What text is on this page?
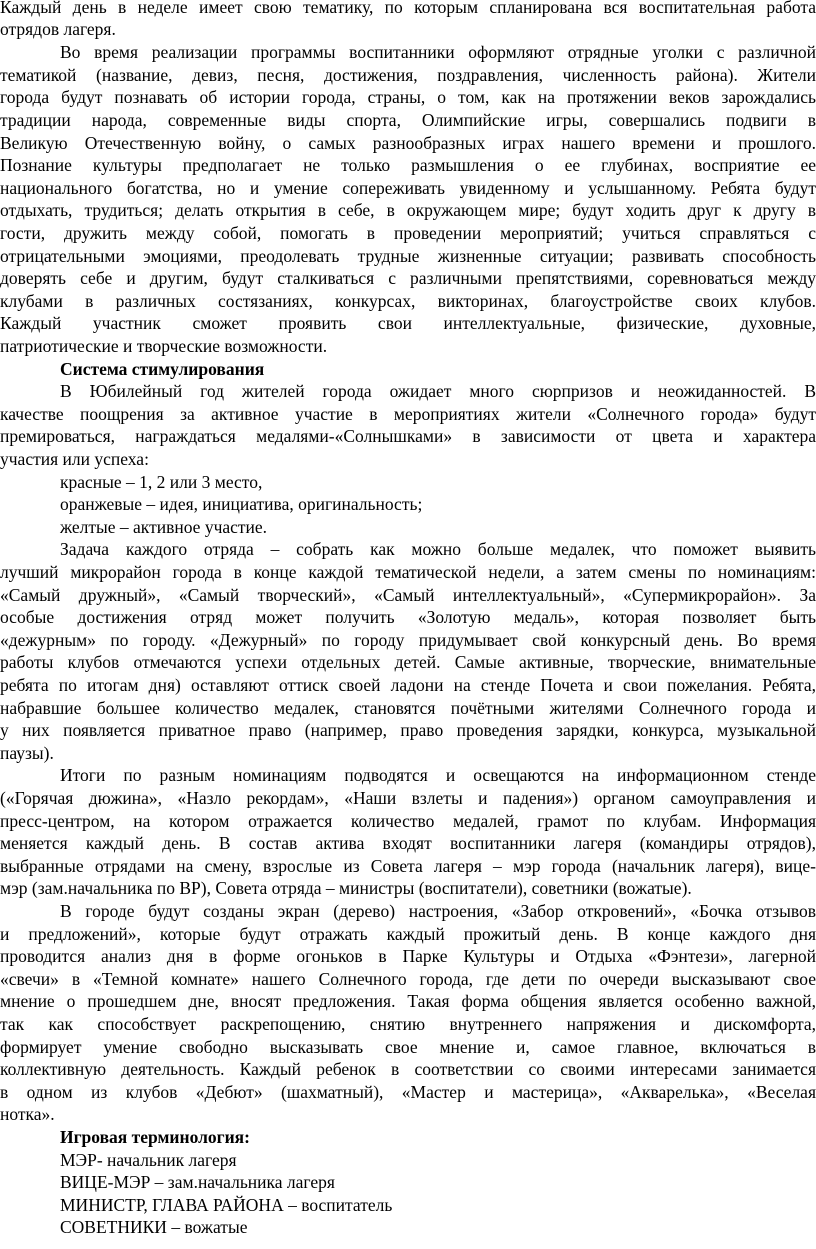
Каждый день в неделе имеет свою тематику, по которым спланирована вся воспитательная работа
отрядов лагеря.
Во время реализации программы воспитанники оформляют отрядные уголки с различной
тематикой (название, девиз, песня, достижения, поздравления, численность района). Жители
города будут познавать об истории города, страны, о том, как на протяжении веков зарождались
традиции народа, современные виды спорта, Олимпийские игры, совершались подвиги в
Великую Отечественную войну, о самых разнообразных играх нашего времени и прошлого.
Познание культуры предполагает не только размышления о ее глубинах, восприятие ее
национального богатства, но и умение сопереживать увиденному и услышанному. Ребята будут
отдыхать, трудиться; делать открытия в себе, в окружающем мире; будут ходить друг к другу в
гости, дружить между собой, помогать в проведении мероприятий; учиться справляться с
отрицательными эмоциями, преодолевать трудные жизненные ситуации; развивать способность
доверять себе и другим, будут сталкиваться с различными препятствиями, соревноваться между
клубами в различных состязаниях, конкурсах, викторинах, благоустройстве своих клубов.
Каждый участник сможет проявить свои интеллектуальные, физические, духовные,
патриотические и творческие возможности.
Система стимулирования
В Юбилейный год жителей города ожидает много сюрпризов и неожиданностей. В
качестве поощрения за активное участие в мероприятиях жители «Солнечного города» будут
премироваться, награждаться медалями-«Солнышками» в зависимости от цвета и характера
участия или успеха:
красные – 1, 2 или 3 место,
оранжевые – идея, инициатива, оригинальность;
желтые – активное участие.
Задача каждого отряда – собрать как можно больше медалек, что поможет выявить
лучший микрорайон города в конце каждой тематической недели, а затем смены по номинациям:
«Самый дружный», «Самый творческий», «Самый интеллектуальный», «Супермикрорайон». За
особые достижения отряд может получить «Золотую медаль», которая позволяет быть
«дежурным» по городу. «Дежурный» по городу придумывает свой конкурсный день. Во время
работы клубов отмечаются успехи отдельных детей. Самые активные, творческие, внимательные
ребята по итогам дня) оставляют оттиск своей ладони на стенде Почета и свои пожелания. Ребята,
набравшие большее количество медалек, становятся почётными жителями Солнечного города и
у них появляется приватное право (например, право проведения зарядки, конкурса, музыкальной
паузы).
Итоги по разным номинациям подводятся и освещаются на информационном стенде
(«Горячая дюжина», «Назло рекордам», «Наши взлеты и падения») органом самоуправления и
пресс-центром, на котором отражается количество медалей, грамот по клубам. Информация
меняется каждый день. В состав актива входят воспитанники лагеря (командиры отрядов),
выбранные отрядами на смену, взрослые из Совета лагеря – мэр города (начальник лагеря), вице-
мэр (зам.начальника по ВР), Совета отряда – министры (воспитатели), советники (вожатые).
В городе будут созданы экран (дерево) настроения, «Забор откровений», «Бочка отзывов
и предложений», которые будут отражать каждый прожитый день. В конце каждого дня
проводится анализ дня в форме огоньков в Парке Культуры и Отдыха «Фэнтези», лагерной
«свечи» в «Темной комнате» нашего Солнечного города, где дети по очереди высказывают свое
мнение о прошедшем дне, вносят предложения. Такая форма общения является особенно важной,
так как способствует раскрепощению, снятию внутреннего напряжения и дискомфорта,
формирует умение свободно высказывать свое мнение и, самое главное, включаться в
коллективную деятельность. Каждый ребенок в соответствии со своими интересами занимается
в одном из клубов «Дебют» (шахматный), «Мастер и мастерица», «Акварелька», «Веселая
нотка».
Игровая терминология:
МЭР- начальник лагеря
ВИЦЕ-МЭР – зам.начальника лагеря
МИНИСТР, ГЛАВА РАЙОНА – воспитатель
СОВЕТНИКИ – вожатые
